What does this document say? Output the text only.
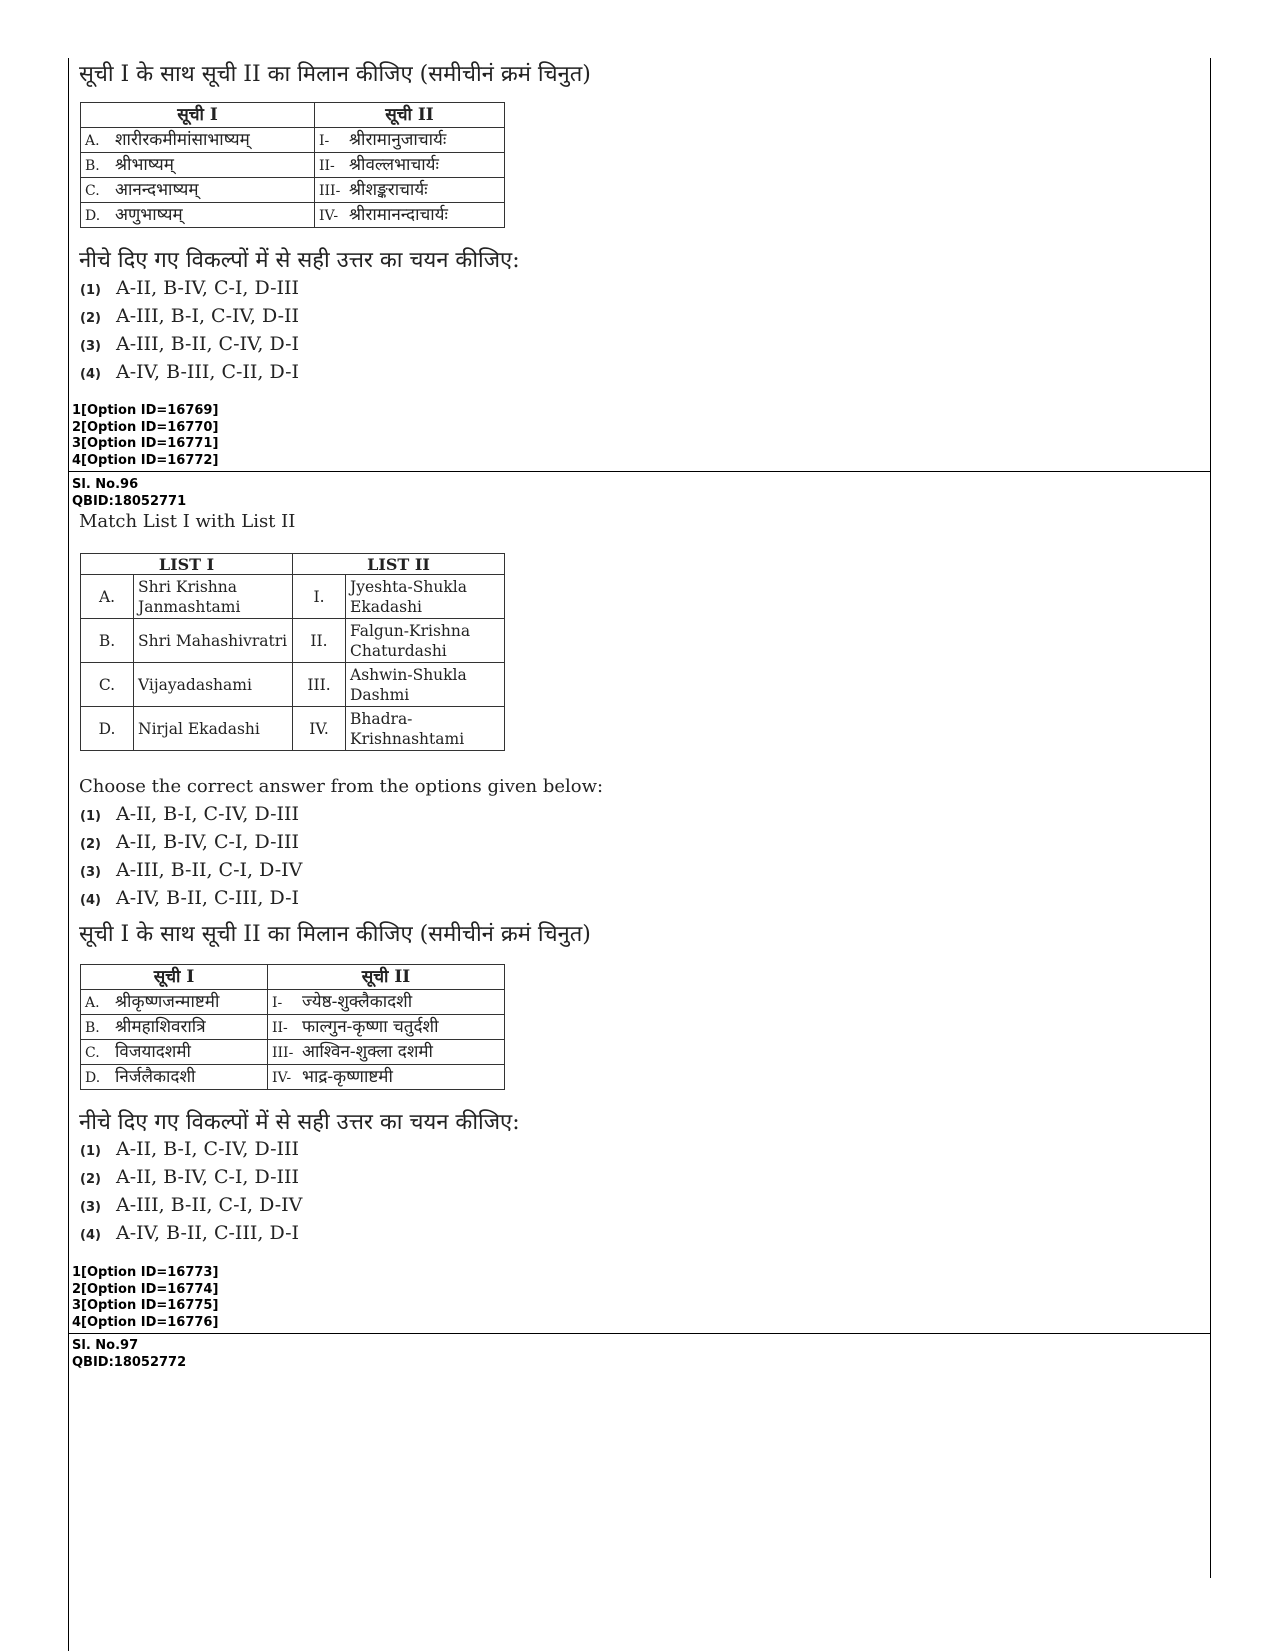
सूची I के साथ सूची II का मिलान कीजिए (समीचीनं क्रमं चिनुत)
सूची I	सूची II
A. शारीरकमीमांसाभाष्यम्	I- श्रीरामानुजाचार्यः
B. श्रीभाष्यम्	II- श्रीवल्लभाचार्यः
C. आनन्दभाष्यम्	III- श्रीशङ्कराचार्यः
D. अणुभाष्यम्	IV- श्रीरामानन्दाचार्यः
नीचे दिए गए विकल्पों में से सही उत्तर का चयन कीजिए:
(1) A-II, B-IV, C-I, D-III
(2) A-III, B-I, C-IV, D-II
(3) A-III, B-II, C-IV, D-I
(4) A-IV, B-III, C-II, D-I
1[Option ID=16769]
2[Option ID=16770]
3[Option ID=16771]
4[Option ID=16772]
Sl. No.96
QBID:18052771
Match List I with List II
LIST I		LIST II	
A.	Shri Krishna Janmashtami	I.	Jyeshta-Shukla Ekadashi
B.	Shri Mahashivratri	II.	Falgun-Krishna Chaturdashi
C.	Vijayadashami	III.	Ashwin-Shukla Dashmi
D.	Nirjal Ekadashi	IV.	Bhadra-Krishnashtami
Choose the correct answer from the options given below:
(1) A-II, B-I, C-IV, D-III
(2) A-II, B-IV, C-I, D-III
(3) A-III, B-II, C-I, D-IV
(4) A-IV, B-II, C-III, D-I
सूची I के साथ सूची II का मिलान कीजिए (समीचीनं क्रमं चिनुत)
सूची I	सूची II
A. श्रीकृष्णजन्माष्टमी	I- ज्येष्ठ-शुक्लैकादशी
B. श्रीमहाशिवरात्रि	II- फाल्गुन-कृष्णा चतुर्दशी
C. विजयादशमी	III- आश्विन-शुक्ला दशमी
D. निर्जलैकादशी	IV- भाद्र-कृष्णाष्टमी
नीचे दिए गए विकल्पों में से सही उत्तर का चयन कीजिए:
(1) A-II, B-I, C-IV, D-III
(2) A-II, B-IV, C-I, D-III
(3) A-III, B-II, C-I, D-IV
(4) A-IV, B-II, C-III, D-I
1[Option ID=16773]
2[Option ID=16774]
3[Option ID=16775]
4[Option ID=16776]
Sl. No.97
QBID:18052772
